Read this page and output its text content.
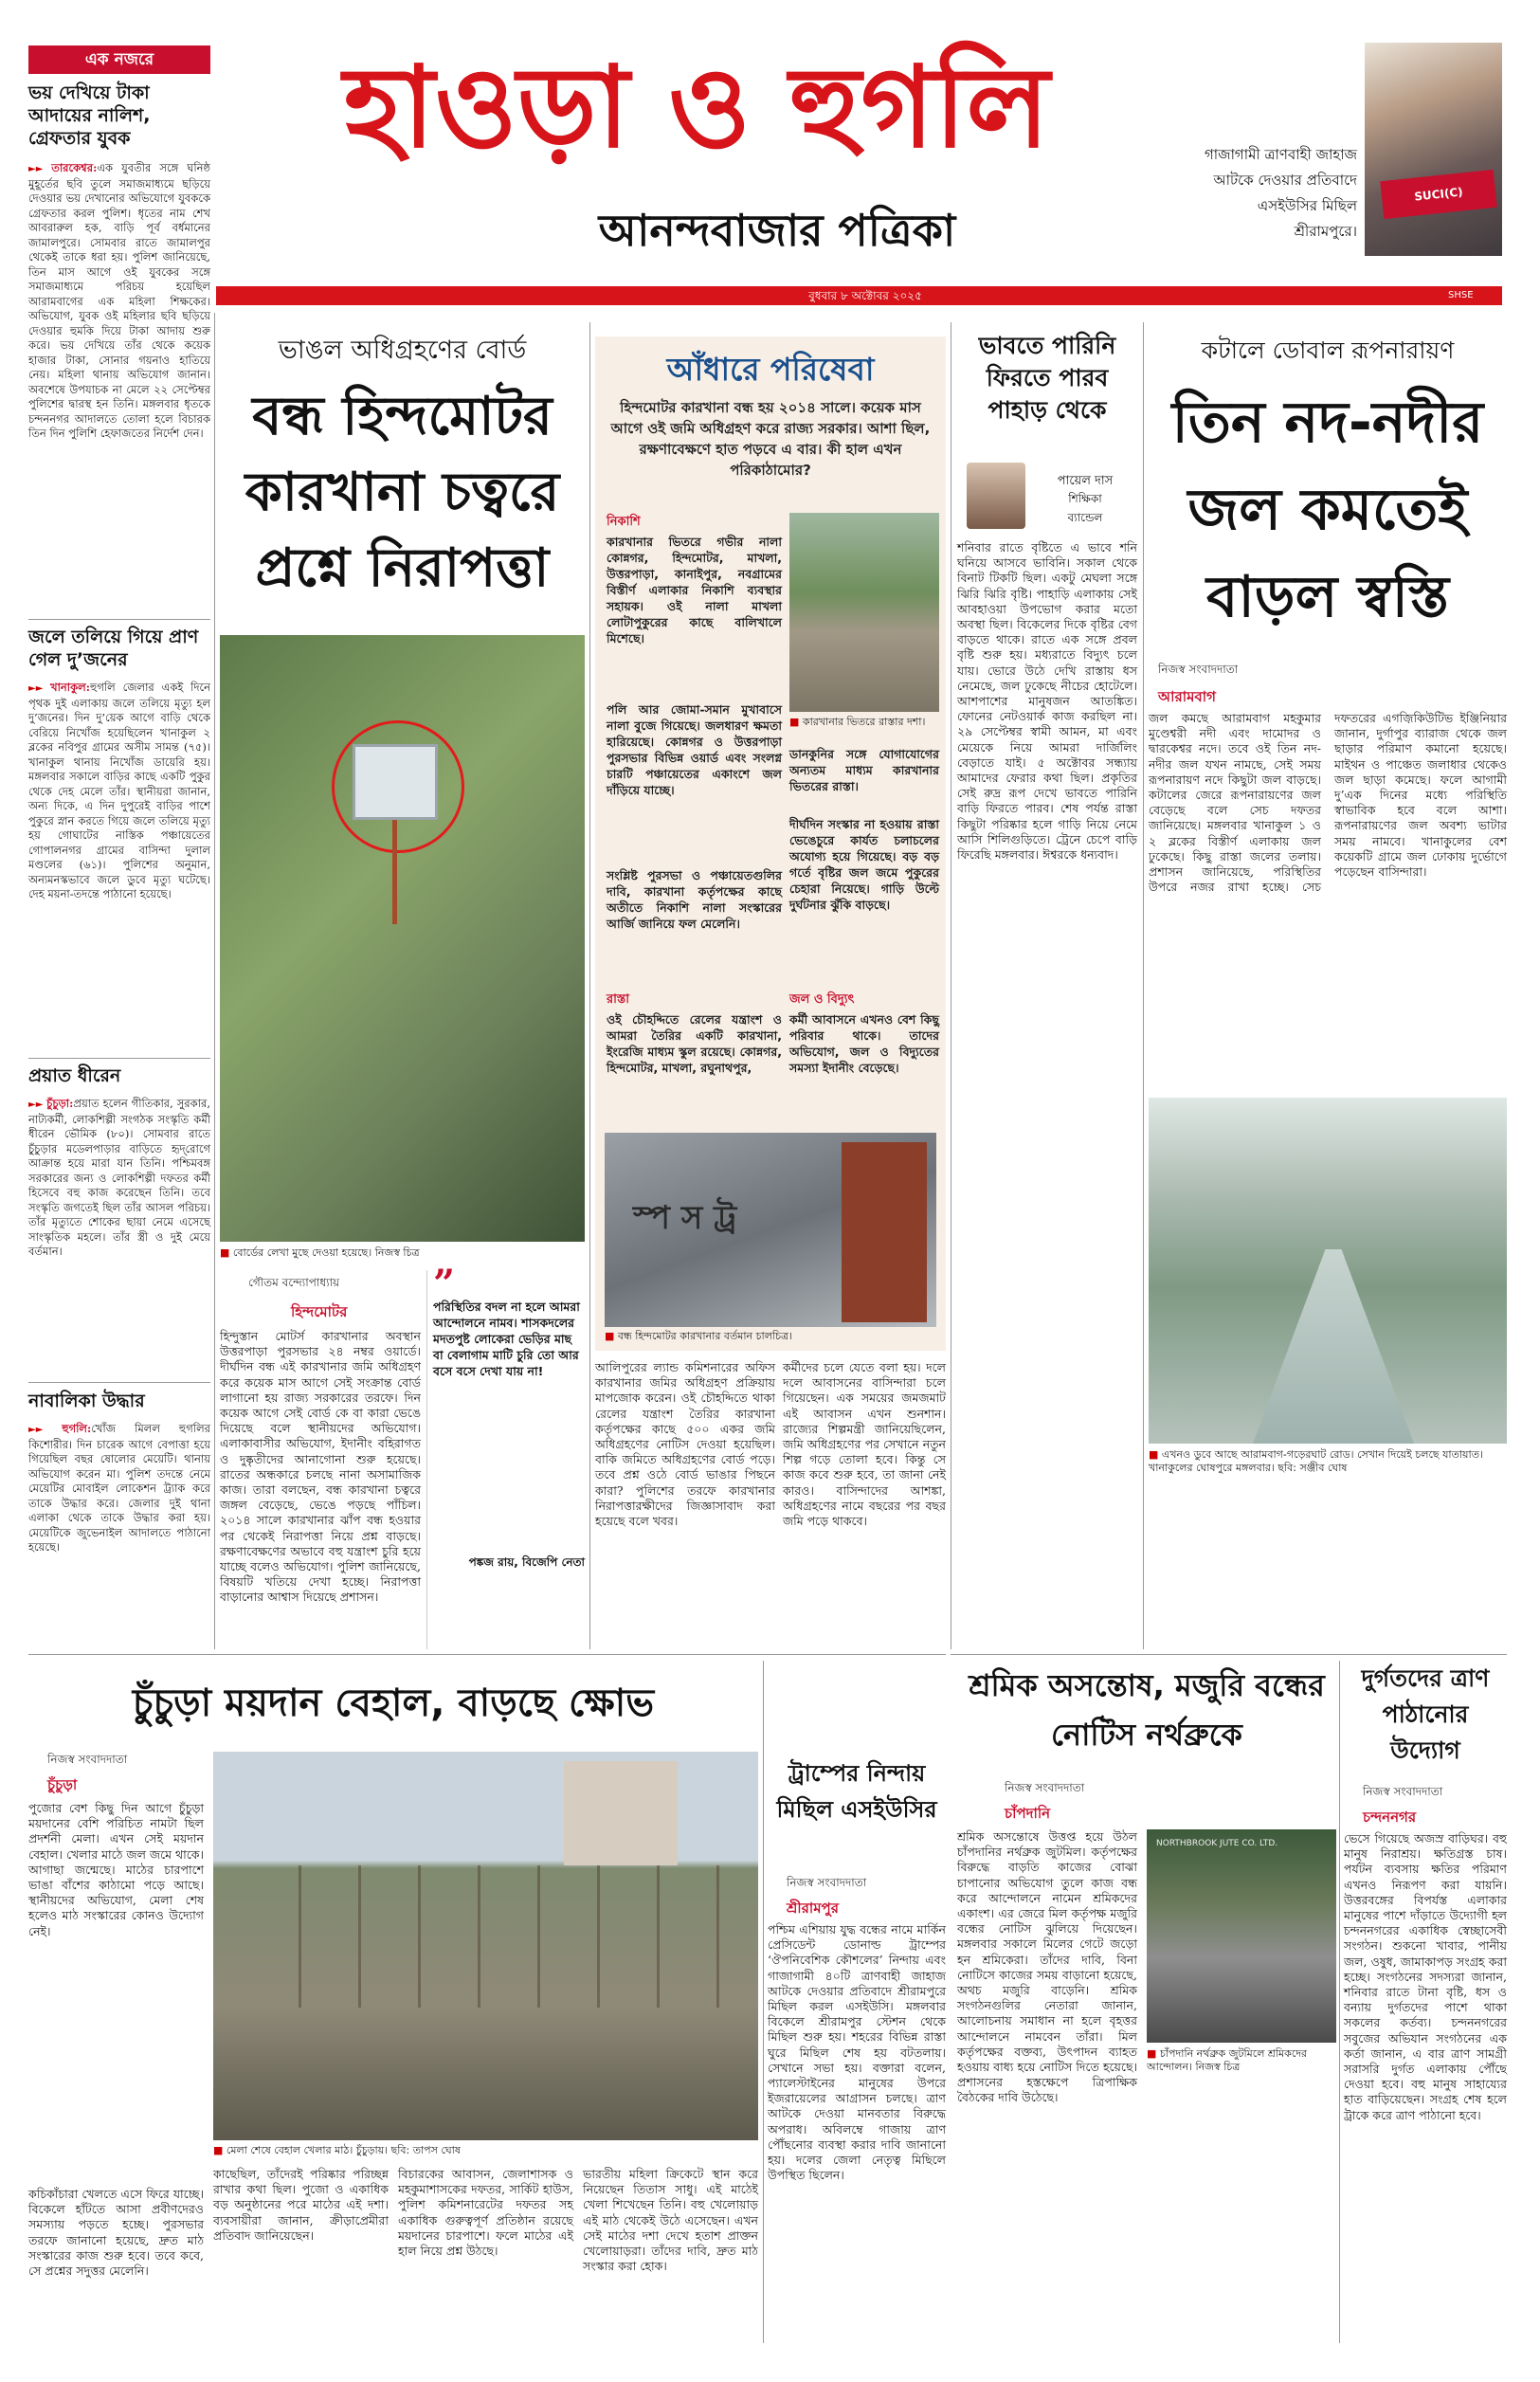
হাওড়া ও হুগলি
আনন্দবাজার পত্রিকা
SUCI(C)
গাজাগামী ত্রাণবাহী জাহাজ আটকে দেওয়ার প্রতিবাদে এসইউসির মিছিল শ্রীরামপুরে।
বুধবার ৮ অক্টোবর ২০২৫	SHSE
এক নজরে
ভয় দেখিয়ে টাকা আদায়ের নালিশ, গ্রেফতার যুবক
►► তারকেশ্বর:এক যুবতীর সঙ্গে ঘনিষ্ঠ মুহূর্তের ছবি তুলে সমাজমাধ্যমে ছড়িয়ে দেওয়ার ভয় দেখানোর অভিযোগে যুবককে গ্রেফতার করল পুলিশ। ধৃতের নাম শেখ আবরারুল হক, বাড়ি পূর্ব বর্ধমানের জামালপুরে। সোমবার রাতে জামালপুর থেকেই তাকে ধরা হয়। পুলিশ জানিয়েছে, তিন মাস আগে ওই যুবকের সঙ্গে সমাজমাধ্যমে পরিচয় হয়েছিল আরামবাগের এক মহিলা শিক্ষকের। অভিযোগ, যুবক ওই মহিলার ছবি ছড়িয়ে দেওয়ার হুমকি দিয়ে টাকা আদায় শুরু করে। ভয় দেখিয়ে তাঁর থেকে কয়েক হাজার টাকা, সোনার গয়নাও হাতিয়ে নেয়। মহিলা থানায় অভিযোগ জানান। অবশেষে উপযাচক না মেলে ২২ সেপ্টেম্বর পুলিশের দ্বারস্থ হন তিনি। মঙ্গলবার ধৃতকে চন্দননগর আদালতে তোলা হলে বিচারক তিন দিন পুলিশি হেফাজতের নির্দেশ দেন।
জলে তলিয়ে গিয়ে প্রাণ গেল দু’জনের
►► খানাকুল:হুগলি জেলার একই দিনে পৃথক দুই এলাকায় জলে তলিয়ে মৃত্যু হল দু’জনের। দিন দু’য়েক আগে বাড়ি থেকে বেরিয়ে নিখোঁজ হয়েছিলেন খানাকুল ২ ব্লকের নবিপুর গ্রামের অসীম সামন্ত (৭৫)। খানাকুল থানায় নিখোঁজ ডায়েরি হয়। মঙ্গলবার সকালে বাড়ির কাছে একটি পুকুর থেকে দেহ মেলে তাঁর। স্থানীয়রা জানান, অন্য দিকে, এ দিন দুপুরেই বাড়ির পাশে পুকুরে স্নান করতে গিয়ে জলে তলিয়ে মৃত্যু হয় গোঘাটের নাস্তিক পঞ্চায়েতের গোপালনগর গ্রামের বাসিন্দা দুলাল মণ্ডলের (৬১)। পুলিশের অনুমান, অন্যমনস্কভাবে জলে ডুবে মৃত্যু ঘটেছে। দেহ ময়না-তদন্তে পাঠানো হয়েছে।
প্রয়াত ধীরেন
►► চুঁচুড়া:প্রয়াত হলেন গীতিকার, সুরকার, নাট্যকর্মী, লোকশিল্পী সংগঠক সংস্কৃতি কর্মী ধীরেন ভৌমিক (৮০)। সোমবার রাতে চুঁচুড়ার মডেলপাড়ার বাড়িতে হৃদ্‌রোগে আক্রান্ত হয়ে মারা যান তিনি। পশ্চিমবঙ্গ সরকারের জন্য ও লোকশিল্পী দফতর কর্মী হিসেবে বহু কাজ করেছেন তিনি। তবে সংস্কৃতি জগতেই ছিল তাঁর আসল পরিচয়। তাঁর মৃত্যুতে শোকের ছায়া নেমে এসেছে সাংস্কৃতিক মহলে। তাঁর স্ত্রী ও দুই মেয়ে বর্তমান।
নাবালিকা উদ্ধার
►► হুগলি:খোঁজ মিলল হুগলির কিশোরীর। দিন চারেক আগে বেপাত্তা হয়ে গিয়েছিল বছর ষোলোর মেয়েটি। থানায় অভিযোগ করেন মা। পুলিশ তদন্তে নেমে মেয়েটির মোবাইল লোকেশন ট্র্যাক করে তাকে উদ্ধার করে। জেলার দুই থানা এলাকা থেকে তাকে উদ্ধার করা হয়। মেয়েটিকে জুভেনাইল আদালতে পাঠানো হয়েছে।
ভাঙল অধিগ্রহণের বোর্ড
বন্ধ হিন্দমোটর কারখানা চত্বরে প্রশ্নে নিরাপত্তা
■ বোর্ডের লেখা মুছে দেওয়া হয়েছে। নিজস্ব চিত্র
গৌতম বন্দ্যোপাধ্যায়
হিন্দমোটর
হিন্দুস্তান মোটর্স কারখানার অবস্থান উত্তরপাড়া পুরসভার ২৪ নম্বর ওয়ার্ডে। দীর্ঘদিন বন্ধ এই কারখানার জমি অধিগ্রহণ করে কয়েক মাস আগে সেই সংক্রান্ত বোর্ড লাগানো হয় রাজ্য সরকারের তরফে। দিন কয়েক আগে সেই বোর্ড কে বা কারা ভেঙে দিয়েছে বলে স্থানীয়দের অভিযোগ। এলাকাবাসীর অভিযোগ, ইদানীং বহিরাগত ও দুষ্কৃতীদের আনাগোনা শুরু হয়েছে। রাতের অন্ধকারে চলছে নানা অসামাজিক কাজ। তারা বলছেন, বন্ধ কারখানা চত্বরে জঙ্গল বেড়েছে, ভেঙে পড়ছে পাঁচিল। ২০১৪ সালে কারখানার ঝাঁপ বন্ধ হওয়ার পর থেকেই নিরাপত্তা নিয়ে প্রশ্ন বাড়ছে। রক্ষণাবেক্ষণের অভাবে বহু যন্ত্রাংশ চুরি হয়ে যাচ্ছে বলেও অভিযোগ। পুলিশ জানিয়েছে, বিষয়টি খতিয়ে দেখা হচ্ছে। নিরাপত্তা বাড়ানোর আশ্বাস দিয়েছে প্রশাসন।
”
পরিস্থিতির বদল না হলে আমরা আন্দোলনে নামব। শাসকদলের মদতপুষ্ট লোকেরা ভেড়ির মাছ বা বেলাগাম মাটি চুরি তো আর বসে বসে দেখা যায় না!
পঙ্কজ রায়, বিজেপি নেতা
আঁধারে পরিষেবা
হিন্দমোটর কারখানা বন্ধ হয় ২০১৪ সালে। কয়েক মাস আগে ওই জমি অধিগ্রহণ করে রাজ্য সরকার। আশা ছিল, রক্ষণাবেক্ষণে হাত পড়বে এ বার। কী হাল এখন পরিকাঠামোর?
নিকাশি
কারখানার ভিতরে গভীর নালা কোন্নগর, হিন্দমোটর, মাখলা, উত্তরপাড়া, কানাইপুর, নবগ্রামের বিস্তীর্ণ এলাকার নিকাশি ব্যবস্থার সহায়ক। ওই নালা মাখলা লোটাপুকুরের কাছে বালিখালে মিশেছে।
পলি আর জোমা-সমান মুখাবাসে নালা বুজে গিয়েছে। জলধারণ ক্ষমতা হারিয়েছে। কোন্নগর ও উত্তরপাড়া পুরসভার বিভিন্ন ওয়ার্ড এবং সংলগ্ন চারটি পঞ্চায়েতের একাংশে জল দাঁড়িয়ে যাচ্ছে।
সংশ্লিষ্ট পুরসভা ও পঞ্চায়েতগুলির দাবি, কারখানা কর্তৃপক্ষের কাছে অতীতে নিকাশি নালা সংস্কারের আর্জি জানিয়ে ফল মেলেনি।
■ কারখানার ভিতরে রাস্তার দশা।
ডানকুনির সঙ্গে যোগাযোগের অন্যতম মাধ্যম কারখানার ভিতরের রাস্তা।
দীর্ঘদিন সংস্কার না হওয়ায় রাস্তা ভেঙেচুরে কার্যত চলাচলের অযোগ্য হয়ে গিয়েছে। বড় বড় গর্তে বৃষ্টির জল জমে পুকুরের চেহারা নিয়েছে। গাড়ি উল্টে দুর্ঘটনার ঝুঁকি বাড়ছে।
রাস্তা
ওই চৌহদ্দিতে রেলের যন্ত্রাংশ ও আমরা তৈরির একটি কারখানা, ইংরেজি মাধ্যম স্কুল রয়েছে। কোন্নগর, হিন্দমোটর, মাখলা, রঘুনাথপুর,
জল ও বিদ্যুৎ
কর্মী আবাসনে এখনও বেশ কিছু পরিবার থাকে। তাদের অভিযোগ, জল ও বিদ্যুতের সমস্যা ইদানীং বেড়েছে।
স্প স ট্র
■ বন্ধ হিন্দমোটর কারখানার বর্তমান চালচিত্র।
আলিপুরের ল্যান্ড কমিশনারের অফিস কারখানার জমির অধিগ্রহণ প্রক্রিয়ায় মাপজোক করেন। ওই চৌহদ্দিতে থাকা রেলের যন্ত্রাংশ তৈরির কারখানা কর্তৃপক্ষের কাছে ৫০০ একর জমি অধিগ্রহণের নোটিস দেওয়া হয়েছিল। বাকি জমিতে অধিগ্রহণের বোর্ড পড়ে। তবে প্রশ্ন ওঠে বোর্ড ভাঙার পিছনে কারা? পুলিশের তরফে কারখানার নিরাপত্তারক্ষীদের জিজ্ঞাসাবাদ করা হয়েছে বলে খবর।
কর্মীদের চলে যেতে বলা হয়। দলে দলে আবাসনের বাসিন্দারা চলে গিয়েছেন। এক সময়ের জমজমাট এই আবাসন এখন শুনশান। রাজ্যের শিল্পমন্ত্রী জানিয়েছিলেন, জমি অধিগ্রহণের পর সেখানে নতুন শিল্প গড়ে তোলা হবে। কিন্তু সে কাজ কবে শুরু হবে, তা জানা নেই কারও। বাসিন্দাদের আশঙ্কা, অধিগ্রহণের নামে বছরের পর বছর জমি পড়ে থাকবে।
ভাবতে পারিনি ফিরতে পারব পাহাড় থেকে
পায়েল দাস
শিক্ষিকা
ব্যান্ডেল
শনিবার রাতে বৃষ্টিতে এ ভাবে শনি ঘনিয়ে আসবে ভাবিনি। সকাল থেকে বিনাট টিকটি ছিল। একটু মেঘলা সঙ্গে ঝিরি ঝিরি বৃষ্টি। পাহাড়ি এলাকায় সেই আবহাওয়া উপভোগ করার মতো অবস্থা ছিল। বিকেলের দিকে বৃষ্টির বেগ বাড়তে থাকে। রাতে এক সঙ্গে প্রবল বৃষ্টি শুরু হয়। মধ্যরাতে বিদ্যুৎ চলে যায়। ভোরে উঠে দেখি রাস্তায় ধস নেমেছে, জল ঢুকেছে নীচের হোটেলে। আশপাশের মানুষজন আতঙ্কিত। ফোনের নেটওয়ার্ক কাজ করছিল না। ২৯ সেপ্টেম্বর স্বামী আমন, মা এবং মেয়েকে নিয়ে আমরা দার্জিলিং বেড়াতে যাই। ৫ অক্টোবর সন্ধ্যায় আমাদের ফেরার কথা ছিল। প্রকৃতির সেই রুদ্র রূপ দেখে ভাবতে পারিনি বাড়ি ফিরতে পারব। শেষ পর্যন্ত রাস্তা কিছুটা পরিষ্কার হলে গাড়ি নিয়ে নেমে আসি শিলিগুড়িতে। ট্রেনে চেপে বাড়ি ফিরেছি মঙ্গলবার। ঈশ্বরকে ধন্যবাদ।
কটালে ডোবাল রূপনারায়ণ
তিন নদ-নদীর জল কমতেই বাড়ল স্বস্তি
নিজস্ব সংবাদদাতা
আরামবাগ
জল কমছে আরামবাগ মহকুমার মুণ্ডেশ্বরী নদী এবং দামোদর ও দ্বারকেশ্বর নদে। তবে ওই তিন নদ-নদীর জল যখন নামছে, সেই সময় রূপনারায়ণ নদে কিছুটা জল বাড়ছে। কটালের জেরে রূপনারায়ণের জল বেড়েছে বলে সেচ দফতর জানিয়েছে। মঙ্গলবার খানাকুল ১ ও ২ ব্লকের বিস্তীর্ণ এলাকায় জল ঢুকেছে। কিছু রাস্তা জলের তলায়। প্রশাসন জানিয়েছে, পরিস্থিতির উপরে নজর রাখা হচ্ছে। সেচ দফতরের এগজ়িকিউটিভ ইঞ্জিনিয়ার জানান, দুর্গাপুর ব্যারাজ থেকে জল ছাড়ার পরিমাণ কমানো হয়েছে। মাইথন ও পাঞ্চেত জলাধার থেকেও জল ছাড়া কমেছে। ফলে আগামী দু’এক দিনের মধ্যে পরিস্থিতি স্বাভাবিক হবে বলে আশা। রূপনারায়ণের জল অবশ্য ভাটার সময় নামবে। খানাকুলের বেশ কয়েকটি গ্রামে জল ঢোকায় দুর্ভোগে পড়েছেন বাসিন্দারা।
■ এখনও ডুবে আছে আরামবাগ-গড়েরঘাট রোড। সেখান দিয়েই চলছে যাতায়াত। খানাকুলের ঘোষপুরে মঙ্গলবার। ছবি: সঞ্জীব ঘোষ
শ্রমিক অসন্তোষ, মজুরি বন্ধের নোটিস নর্থব্রুকে
নিজস্ব সংবাদদাতা
চাঁপদানি
শ্রমিক অসন্তোষে উত্তপ্ত হয়ে উঠল চাঁপদানির নর্থব্রুক জুটমিল। কর্তৃপক্ষের বিরুদ্ধে বাড়তি কাজের বোঝা চাপানোর অভিযোগ তুলে কাজ বন্ধ করে আন্দোলনে নামেন শ্রমিকদের একাংশ। এর জেরে মিল কর্তৃপক্ষ মজুরি বন্ধের নোটিস ঝুলিয়ে দিয়েছেন। মঙ্গলবার সকালে মিলের গেটে জড়ো হন শ্রমিকেরা। তাঁদের দাবি, বিনা নোটিসে কাজের সময় বাড়ানো হয়েছে, অথচ মজুরি বাড়েনি। শ্রমিক সংগঠনগুলির নেতারা জানান, আলোচনায় সমাধান না হলে বৃহত্তর আন্দোলনে নামবেন তাঁরা। মিল কর্তৃপক্ষের বক্তব্য, উৎপাদন ব্যাহত হওয়ায় বাধ্য হয়ে নোটিস দিতে হয়েছে। প্রশাসনের হস্তক্ষেপে ত্রিপাক্ষিক বৈঠকের দাবি উঠেছে।
NORTHBROOK JUTE CO. LTD.
■ চাঁপদানি নর্থব্রুক জুটমিলে শ্রমিকদের আন্দোলন। নিজস্ব চিত্র
দুর্গতদের ত্রাণ পাঠানোর উদ্যোগ
নিজস্ব সংবাদদাতা
চন্দননগর
ভেসে গিয়েছে অজস্র বাড়িঘর। বহু মানুষ নিরাশ্রয়। ক্ষতিগ্রস্ত চাষ। পর্যটন ব্যবসায় ক্ষতির পরিমাণ এখনও নিরূপণ করা যায়নি। উত্তরবঙ্গের বিপর্যস্ত এলাকার মানুষের পাশে দাঁড়াতে উদ্যোগী হল চন্দননগরের একাধিক স্বেচ্ছাসেবী সংগঠন। শুকনো খাবার, পানীয় জল, ওষুধ, জামাকাপড় সংগ্রহ করা হচ্ছে। সংগঠনের সদস্যরা জানান, শনিবার রাতে টানা বৃষ্টি, ধস ও বন্যায় দুর্গতদের পাশে থাকা সকলের কর্তব্য। চন্দননগরের সবুজের অভিযান সংগঠনের এক কর্তা জানান, এ বার ত্রাণ সামগ্রী সরাসরি দুর্গত এলাকায় পৌঁছে দেওয়া হবে। বহু মানুষ সাহায্যের হাত বাড়িয়েছেন। সংগ্রহ শেষ হলে ট্রাকে করে ত্রাণ পাঠানো হবে।
চুঁচুড়া ময়দান বেহাল, বাড়ছে ক্ষোভ
নিজস্ব সংবাদদাতা
চুঁচুড়া
পুজোর বেশ কিছু দিন আগে চুঁচুড়া ময়দানের বেশি পরিচিত নামটা ছিল প্রদর্শনী মেলা। এখন সেই ময়দান বেহাল। খেলার মাঠে জল জমে থাকে। আগাছা জন্মেছে। মাঠের চারপাশে ভাঙা বাঁশের কাঠামো পড়ে আছে। স্থানীয়দের অভিযোগ, মেলা শেষ হলেও মাঠ সংস্কারের কোনও উদ্যোগ নেই।
■ মেলা শেষে বেহাল খেলার মাঠ। চুঁচুড়ায়। ছবি: তাপস ঘোষ
কচিকাঁচারা খেলতে এসে ফিরে যাচ্ছে। বিকেলে হাঁটতে আসা প্রবীণদেরও সমস্যায় পড়তে হচ্ছে। পুরসভার তরফে জানানো হয়েছে, দ্রুত মাঠ সংস্কারের কাজ শুরু হবে। তবে কবে, সে প্রশ্নের সদুত্তর মেলেনি।
কাছেছিল, তাঁদেরই পরিষ্কার পরিচ্ছন্ন রাখার কথা ছিল। পুজো ও একাধিক বড় অনুষ্ঠানের পরে মাঠের এই দশা। ব্যবসায়ীরা জানান, ক্রীড়াপ্রেমীরা প্রতিবাদ জানিয়েছেন।
বিচারকের আবাসন, জেলাশাসক ও মহকুমাশাসকের দফতর, সার্কিট হাউস, পুলিশ কমিশনারেটের দফতর সহ একাধিক গুরুত্বপূর্ণ প্রতিষ্ঠান রয়েছে ময়দানের চারপাশে। ফলে মাঠের এই হাল নিয়ে প্রশ্ন উঠছে।
ভারতীয় মহিলা ক্রিকেটে স্থান করে নিয়েছেন তিতাস সাধু। এই মাঠেই খেলা শিখেছেন তিনি। বহু খেলোয়াড় এই মাঠ থেকেই উঠে এসেছেন। এখন সেই মাঠের দশা দেখে হতাশ প্রাক্তন খেলোয়াড়রা। তাঁদের দাবি, দ্রুত মাঠ সংস্কার করা হোক।
ট্রাম্পের নিন্দায় মিছিল এসইউসির
নিজস্ব সংবাদদাতা
শ্রীরামপুর
পশ্চিম এশিয়ায় যুদ্ধ বন্ধের নামে মার্কিন প্রেসিডেন্ট ডোনাল্ড ট্রাম্পের ‘ঔপনিবেশিক কৌশলের’ নিন্দায় এবং গাজাগামী ৪০টি ত্রাণবাহী জাহাজ আটকে দেওয়ার প্রতিবাদে শ্রীরামপুরে মিছিল করল এসইউসি। মঙ্গলবার বিকেলে শ্রীরামপুর স্টেশন থেকে মিছিল শুরু হয়। শহরের বিভিন্ন রাস্তা ঘুরে মিছিল শেষ হয় বটতলায়। সেখানে সভা হয়। বক্তারা বলেন, প্যালেস্টাইনের মানুষের উপরে ইজরায়েলের আগ্রাসন চলছে। ত্রাণ আটকে দেওয়া মানবতার বিরুদ্ধে অপরাধ। অবিলম্বে গাজায় ত্রাণ পৌঁছনোর ব্যবস্থা করার দাবি জানানো হয়। দলের জেলা নেতৃত্ব মিছিলে উপস্থিত ছিলেন।
